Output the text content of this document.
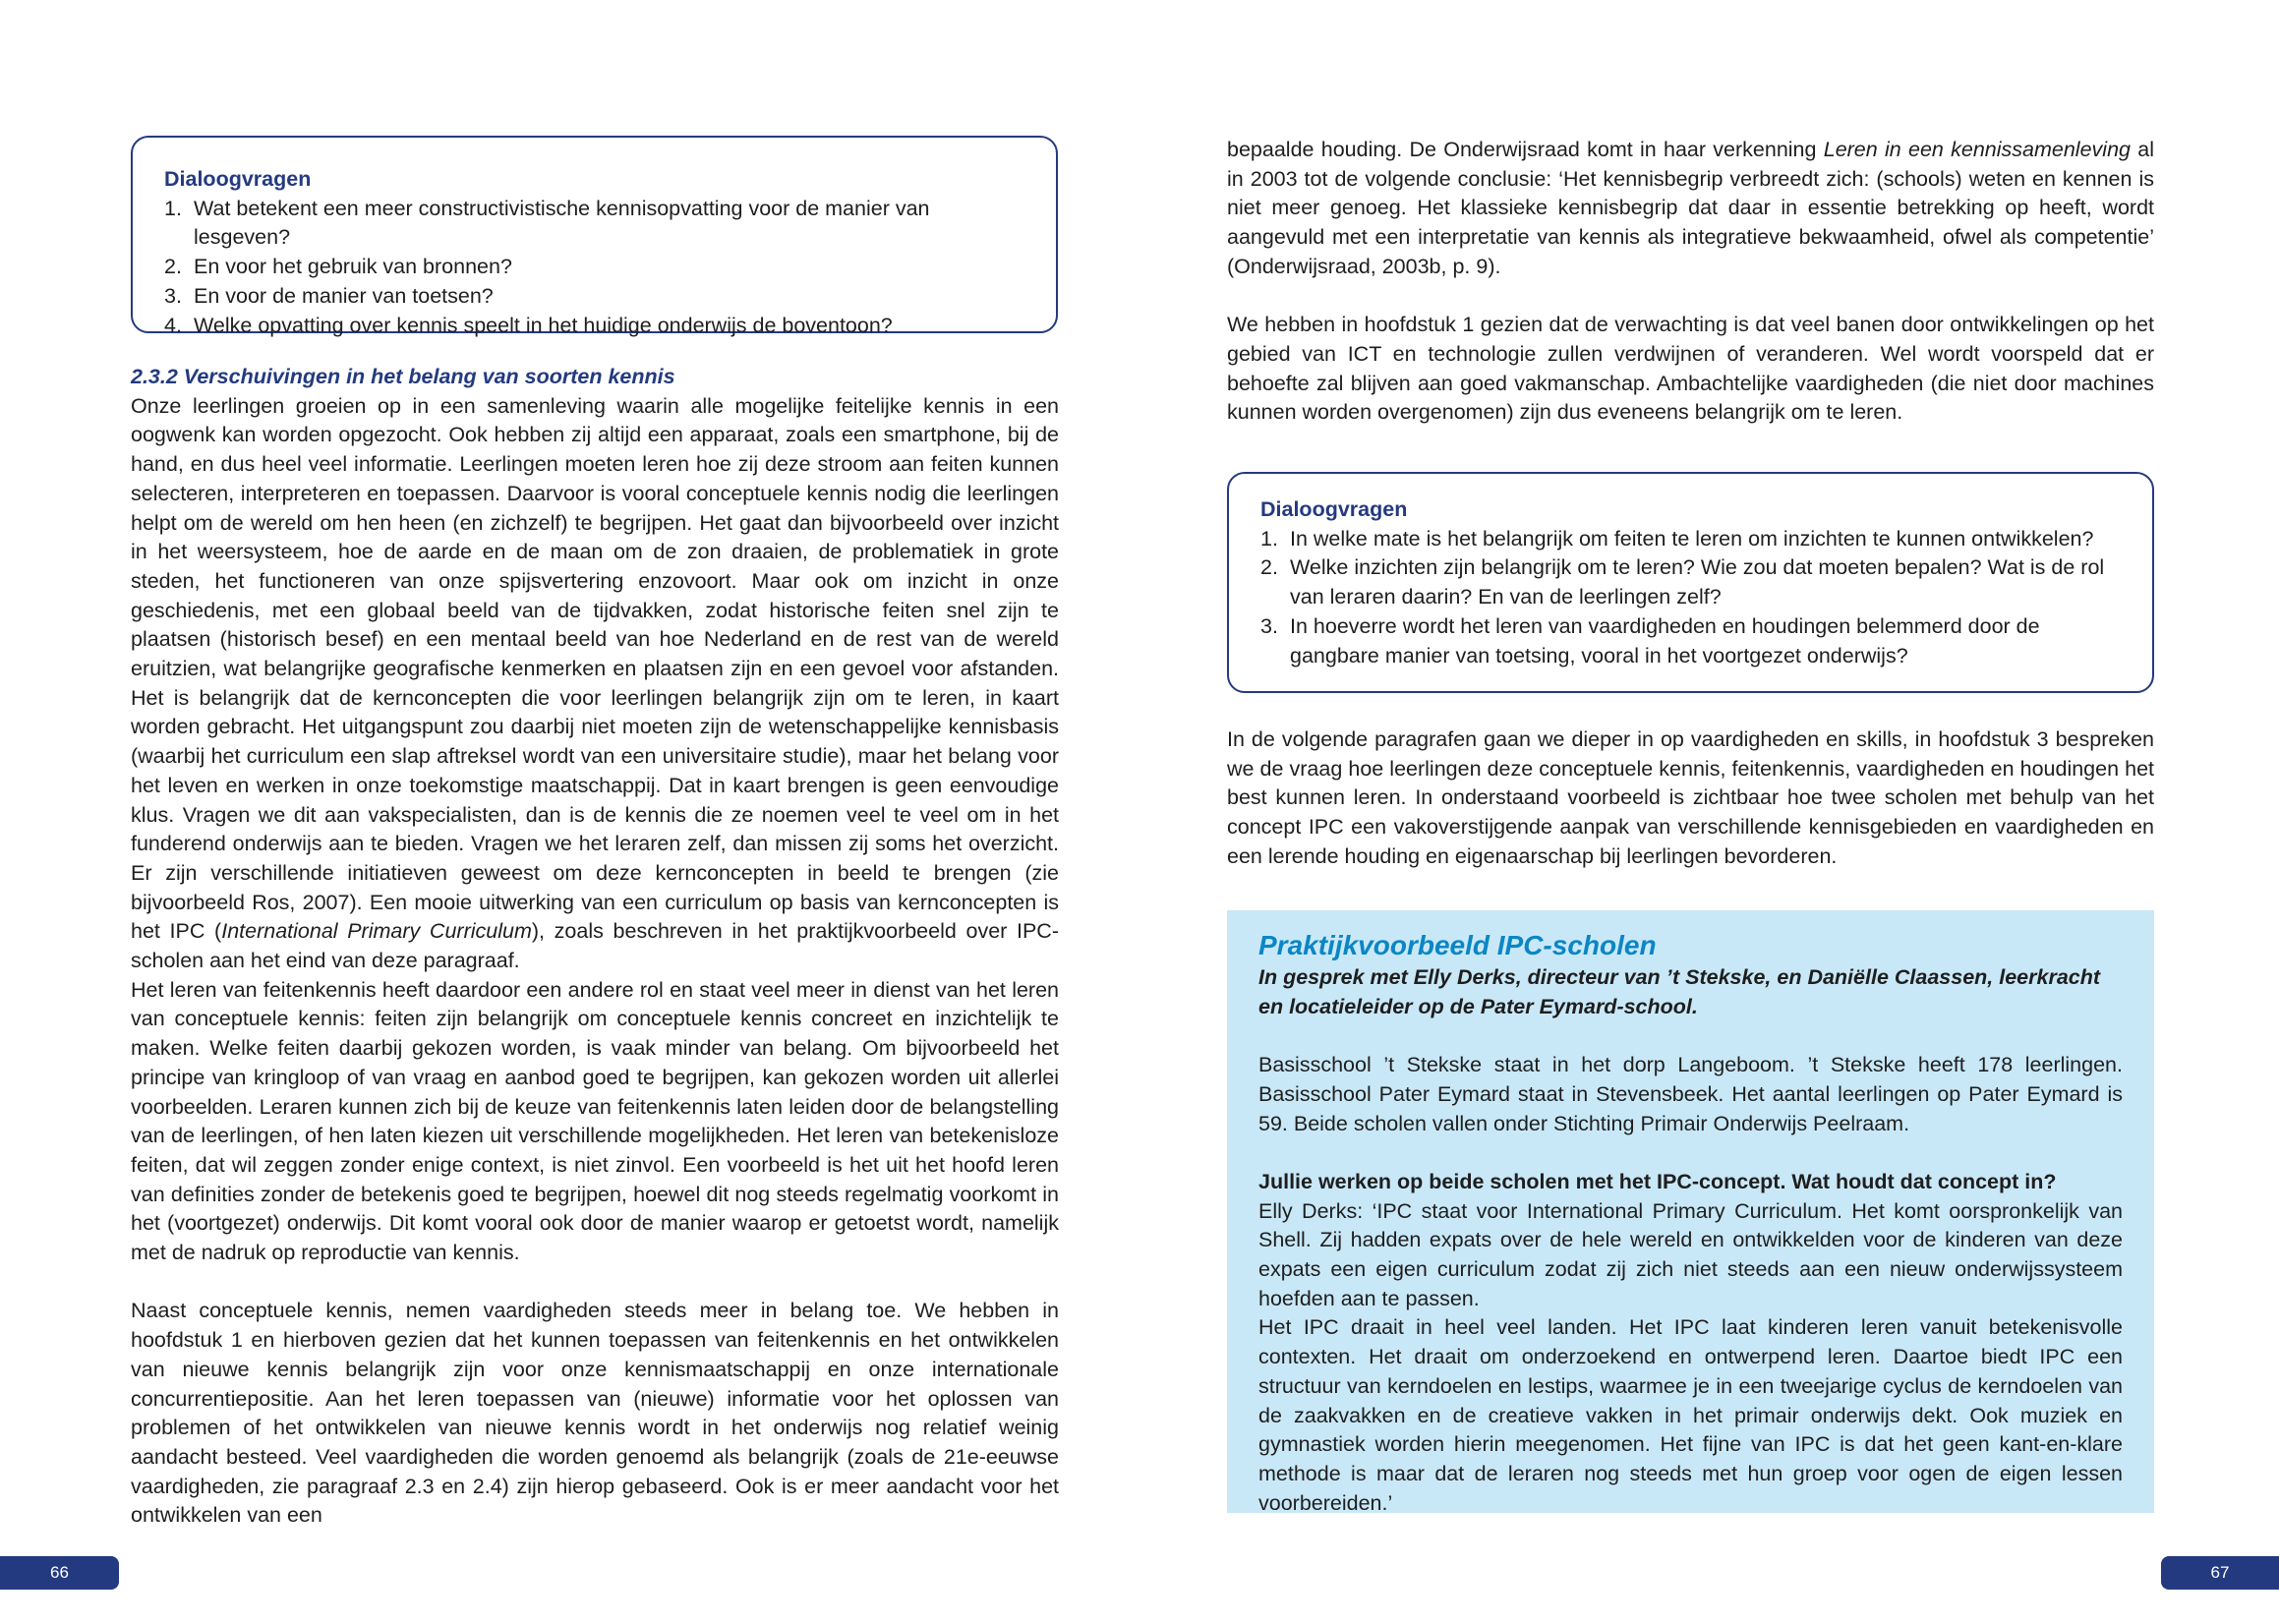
Dialoogvragen
1. Wat betekent een meer constructivistische kennisopvatting voor de manier van lesgeven?
2. En voor het gebruik van bronnen?
3. En voor de manier van toetsen?
4. Welke opvatting over kennis speelt in het huidige onderwijs de boventoon?
2.3.2 Verschuivingen in het belang van soorten kennis

Onze leerlingen groeien op in een samenleving waarin alle mogelijke feitelijke kennis in een oogwenk kan worden opgezocht. Ook hebben zij altijd een apparaat, zoals een smartphone, bij de hand, en dus heel veel informatie. Leerlingen moeten leren hoe zij deze stroom aan feiten kunnen selecteren, interpreteren en toepassen. Daarvoor is vooral conceptuele kennis nodig die leerlingen helpt om de wereld om hen heen (en zichzelf) te begrijpen. Het gaat dan bijvoorbeeld over inzicht in het weersysteem, hoe de aarde en de maan om de zon draaien, de problematiek in grote steden, het functioneren van onze spijsvertering enzovoort. Maar ook om inzicht in onze geschiedenis, met een globaal beeld van de tijdvakken, zodat historische feiten snel zijn te plaatsen (historisch besef) en een mentaal beeld van hoe Nederland en de rest van de wereld eruitzien, wat belangrijke geografische kenmerken en plaatsen zijn en een gevoel voor afstanden. Het is belangrijk dat de kernconcepten die voor leerlingen belangrijk zijn om te leren, in kaart worden gebracht. Het uitgangspunt zou daarbij niet moeten zijn de wetenschappelijke kennisbasis (waarbij het curriculum een slap aftreksel wordt van een universitaire studie), maar het belang voor het leven en werken in onze toekomstige maatschappij. Dat in kaart brengen is geen eenvoudige klus. Vragen we dit aan vakspecialisten, dan is de kennis die ze noemen veel te veel om in het funderend onderwijs aan te bieden. Vragen we het leraren zelf, dan missen zij soms het overzicht. Er zijn verschillende initiatieven geweest om deze kernconcepten in beeld te brengen (zie bijvoorbeeld Ros, 2007). Een mooie uitwerking van een curriculum op basis van kernconcepten is het IPC (International Primary Curriculum), zoals beschreven in het praktijkvoorbeeld over IPC-scholen aan het eind van deze paragraaf.

Het leren van feitenkennis heeft daardoor een andere rol en staat veel meer in dienst van het leren van conceptuele kennis: feiten zijn belangrijk om conceptuele kennis concreet en inzichtelijk te maken. Welke feiten daarbij gekozen worden, is vaak minder van belang. Om bijvoorbeeld het principe van kringloop of van vraag en aanbod goed te begrijpen, kan gekozen worden uit allerlei voorbeelden. Leraren kunnen zich bij de keuze van feitenkennis laten leiden door de belangstelling van de leerlingen, of hen laten kiezen uit verschillende mogelijkheden. Het leren van betekenisloze feiten, dat wil zeggen zonder enige context, is niet zinvol. Een voorbeeld is het uit het hoofd leren van definities zonder de betekenis goed te begrijpen, hoewel dit nog steeds regelmatig voorkomt in het (voortgezet) onderwijs. Dit komt vooral ook door de manier waarop er getoetst wordt, namelijk met de nadruk op reproductie van kennis.

Naast conceptuele kennis, nemen vaardigheden steeds meer in belang toe. We hebben in hoofdstuk 1 en hierboven gezien dat het kunnen toepassen van feitenkennis en het ontwikkelen van nieuwe kennis belangrijk zijn voor onze kennismaatschappij en onze internationale concurrentiepositie. Aan het leren toepassen van (nieuwe) informatie voor het oplossen van problemen of het ontwikkelen van nieuwe kennis wordt in het onderwijs nog relatief weinig aandacht besteed. Veel vaardigheden die worden genoemd als belangrijk (zoals de 21e-eeuwse vaardigheden, zie paragraaf 2.3 en 2.4) zijn hierop gebaseerd. Ook is er meer aandacht voor het ontwikkelen van een

66

bepaalde houding. De Onderwijsraad komt in haar verkenning Leren in een kennissamenleving al in 2003 tot de volgende conclusie: ‘Het kennisbegrip verbreedt zich: (schools) weten en kennen is niet meer genoeg. Het klassieke kennisbegrip dat daar in essentie betrekking op heeft, wordt aangevuld met een interpretatie van kennis als integratieve bekwaamheid, ofwel als competentie’ (Onderwijsraad, 2003b, p. 9).

We hebben in hoofdstuk 1 gezien dat de verwachting is dat veel banen door ontwikkelingen op het gebied van ICT en technologie zullen verdwijnen of veranderen. Wel wordt voorspeld dat er behoefte zal blijven aan goed vakmanschap. Ambachtelijke vaardigheden (die niet door machines kunnen worden overgenomen) zijn dus eveneens belangrijk om te leren.

Dialoogvragen
1. In welke mate is het belangrijk om feiten te leren om inzichten te kunnen ontwikkelen?
2. Welke inzichten zijn belangrijk om te leren? Wie zou dat moeten bepalen? Wat is de rol van leraren daarin? En van de leerlingen zelf?
3. In hoeverre wordt het leren van vaardigheden en houdingen belemmerd door de gangbare manier van toetsing, vooral in het voortgezet onderwijs?

In de volgende paragrafen gaan we dieper in op vaardigheden en skills, in hoofdstuk 3 bespreken we de vraag hoe leerlingen deze conceptuele kennis, feitenkennis, vaardigheden en houdingen het best kunnen leren. In onderstaand voorbeeld is zichtbaar hoe twee scholen met behulp van het concept IPC een vakoverstijgende aanpak van verschillende kennisgebieden en vaardigheden en een lerende houding en eigenaarschap bij leerlingen bevorderen.

Praktijkvoorbeeld IPC-scholen
In gesprek met Elly Derks, directeur van ’t Stekske, en Daniëlle Claassen, leerkracht en locatieleider op de Pater Eymard-school.

Basisschool ’t Stekske staat in het dorp Langeboom. ’t Stekske heeft 178 leerlingen. Basisschool Pater Eymard staat in Stevensbeek. Het aantal leerlingen op Pater Eymard is 59. Beide scholen vallen onder Stichting Primair Onderwijs Peelraam.

Jullie werken op beide scholen met het IPC-concept. Wat houdt dat concept in?

Elly Derks: ‘IPC staat voor International Primary Curriculum. Het komt oorspronkelijk van Shell. Zij hadden expats over de hele wereld en ontwikkelden voor de kinderen van deze expats een eigen curriculum zodat zij zich niet steeds aan een nieuw onderwijssysteem hoefden aan te passen.

Het IPC draait in heel veel landen. Het IPC laat kinderen leren vanuit betekenisvolle contexten. Het draait om onderzoekend en ontwerpend leren. Daartoe biedt IPC een structuur van kerndoelen en lestips, waarmee je in een tweejarige cyclus de kerndoelen van de zaakvakken en de creatieve vakken in het primair onderwijs dekt. Ook muziek en gymnastiek worden hierin meegenomen. Het fijne van IPC is dat het geen kant-en-klare methode is maar dat de leraren nog steeds met hun groep voor ogen de eigen lessen voorbereiden.’

67
